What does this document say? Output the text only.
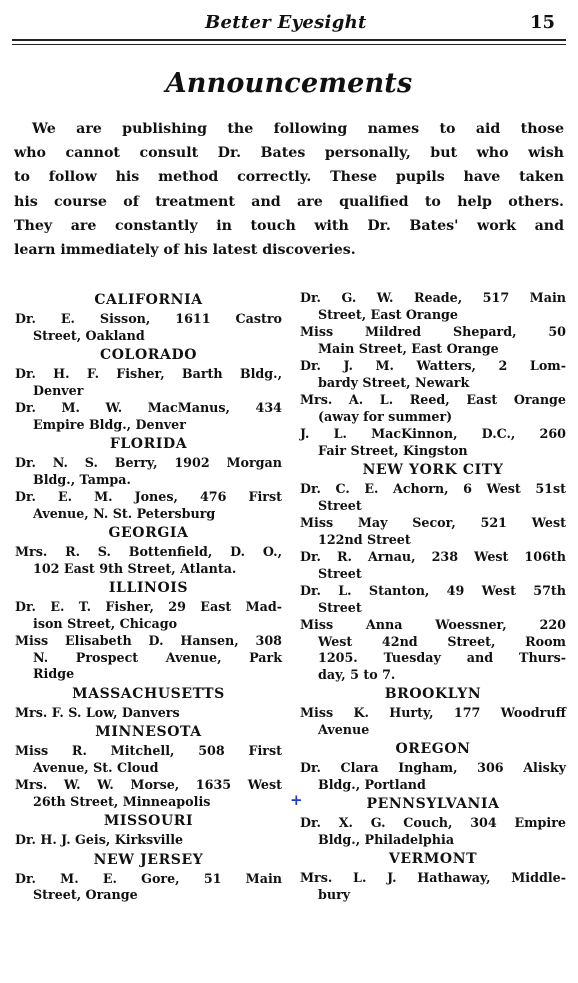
Better Eyesight	15
Announcements
We are publishing the following names to aid those
who cannot consult Dr. Bates personally, but who wish
to follow his method correctly. These pupils have taken
his course of treatment and are qualified to help others.
They are constantly in touch with Dr. Bates' work and
learn immediately of his latest discoveries.
CALIFORNIA
Dr. E. Sisson, 1611 Castro
Street, Oakland
COLORADO
Dr. H. F. Fisher, Barth Bldg.,
Denver
Dr. M. W. MacManus, 434
Empire Bldg., Denver
FLORIDA
Dr. N. S. Berry, 1902 Morgan
Bldg., Tampa.
Dr. E. M. Jones, 476 First
Avenue, N. St. Petersburg
GEORGIA
Mrs. R. S. Bottenfield, D. O.,
102 East 9th Street, Atlanta.
ILLINOIS
Dr. E. T. Fisher, 29 East Mad-
ison Street, Chicago
Miss Elisabeth D. Hansen, 308
N. Prospect Avenue, Park
Ridge
MASSACHUSETTS
Mrs. F. S. Low, Danvers
MINNESOTA
Miss R. Mitchell, 508 First
Avenue, St. Cloud
Mrs. W. W. Morse, 1635 West
26th Street, Minneapolis
MISSOURI
Dr. H. J. Geis, Kirksville
NEW JERSEY
Dr. M. E. Gore, 51 Main
Street, Orange
Dr. G. W. Reade, 517 Main
Street, East Orange
Miss Mildred Shepard, 50
Main Street, East Orange
Dr. J. M. Watters, 2 Lom-
bardy Street, Newark
Mrs. A. L. Reed, East Orange
(away for summer)
J. L. MacKinnon, D.C., 260
Fair Street, Kingston
NEW YORK CITY
Dr. C. E. Achorn, 6 West 51st
Street
Miss May Secor, 521 West
122nd Street
Dr. R. Arnau, 238 West 106th
Street
Dr. L. Stanton, 49 West 57th
Street
Miss Anna Woessner, 220
West 42nd Street, Room
1205. Tuesday and Thurs-
day, 5 to 7.
BROOKLYN
Miss K. Hurty, 177 Woodruff
Avenue
OREGON
Dr. Clara Ingham, 306 Alisky
Bldg., Portland
PENNSYLVANIA
Dr. X. G. Couch, 304 Empire
Bldg., Philadelphia
VERMONT
Mrs. L. J. Hathaway, Middle-
bury
+
